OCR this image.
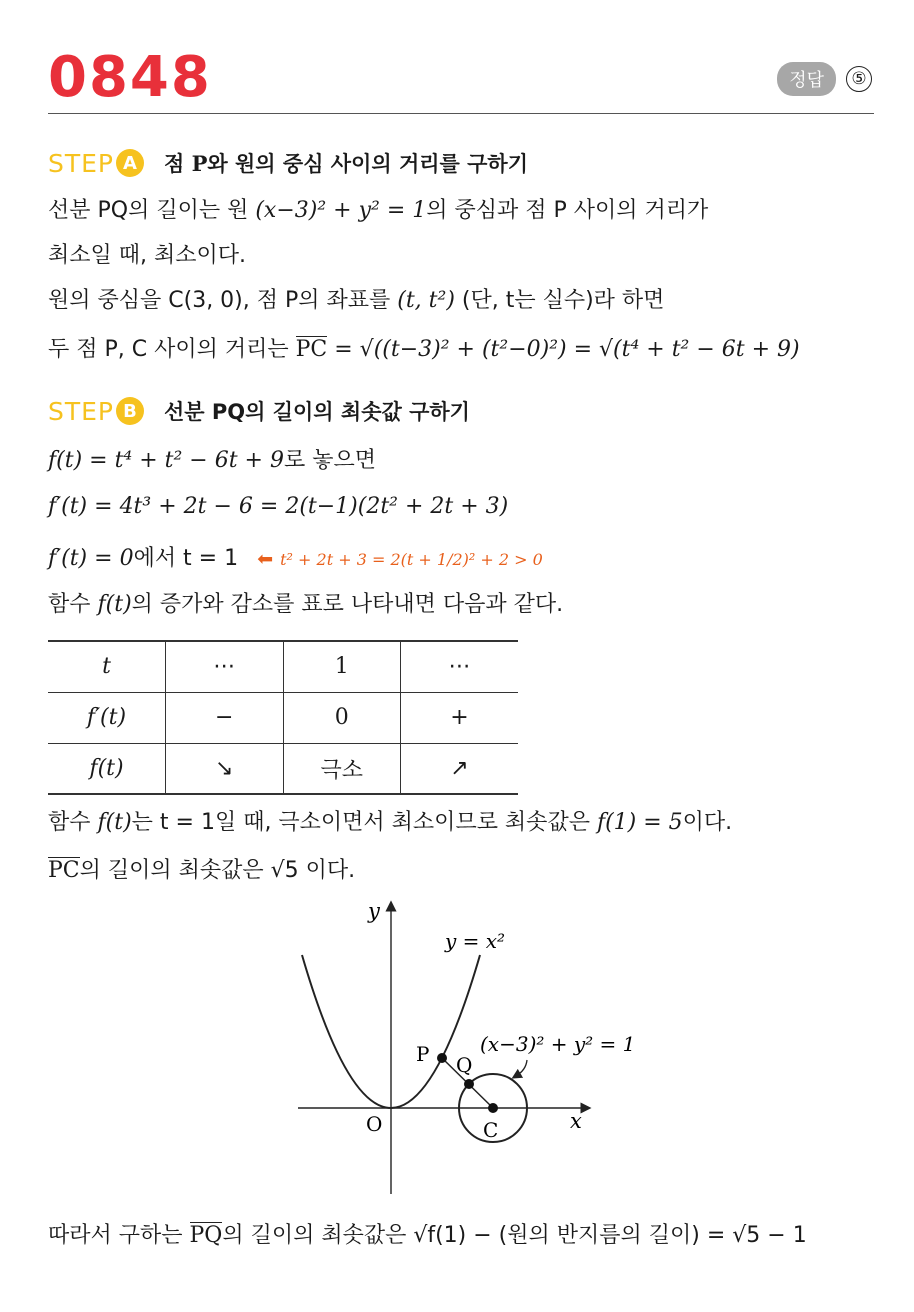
0848	정답	⑤
STEP A	점 P와 원의 중심 사이의 거리를 구하기
선분 PQ의 길이는 원 (x−3)² + y² = 1의 중심과 점 P 사이의 거리가
최소일 때, 최소이다.
원의 중심을 C(3, 0), 점 P의 좌표를 (t, t²) (단, t는 실수)라 하면
두 점 P, C 사이의 거리는 PC = √((t−3)² + (t²−0)²) = √(t⁴ + t² − 6t + 9)
STEP B	선분 PQ의 길이의 최솟값 구하기
f(t) = t⁴ + t² − 6t + 9로 놓으면
f′(t) = 4t³ + 2t − 6 = 2(t−1)(2t² + 2t + 3)
f′(t) = 0에서 t = 1   ⬅ t² + 2t + 3 = 2(t + 1/2)² + 2 > 0
함수 f(t)의 증가와 감소를 표로 나타내면 다음과 같다.
t	⋯	1	⋯
f′(t)	−	0	+
f(t)	↘	극소	↗
함수 f(t)는 t = 1일 때, 극소이면서 최소이므로 최솟값은 f(1) = 5이다.
PC의 길이의 최솟값은 √5 이다.
y
x
O
y = x²
(x−3)² + y² = 1
P Q
C
따라서 구하는 PQ의 길이의 최솟값은 √f(1) − (원의 반지름의 길이) = √5 − 1
